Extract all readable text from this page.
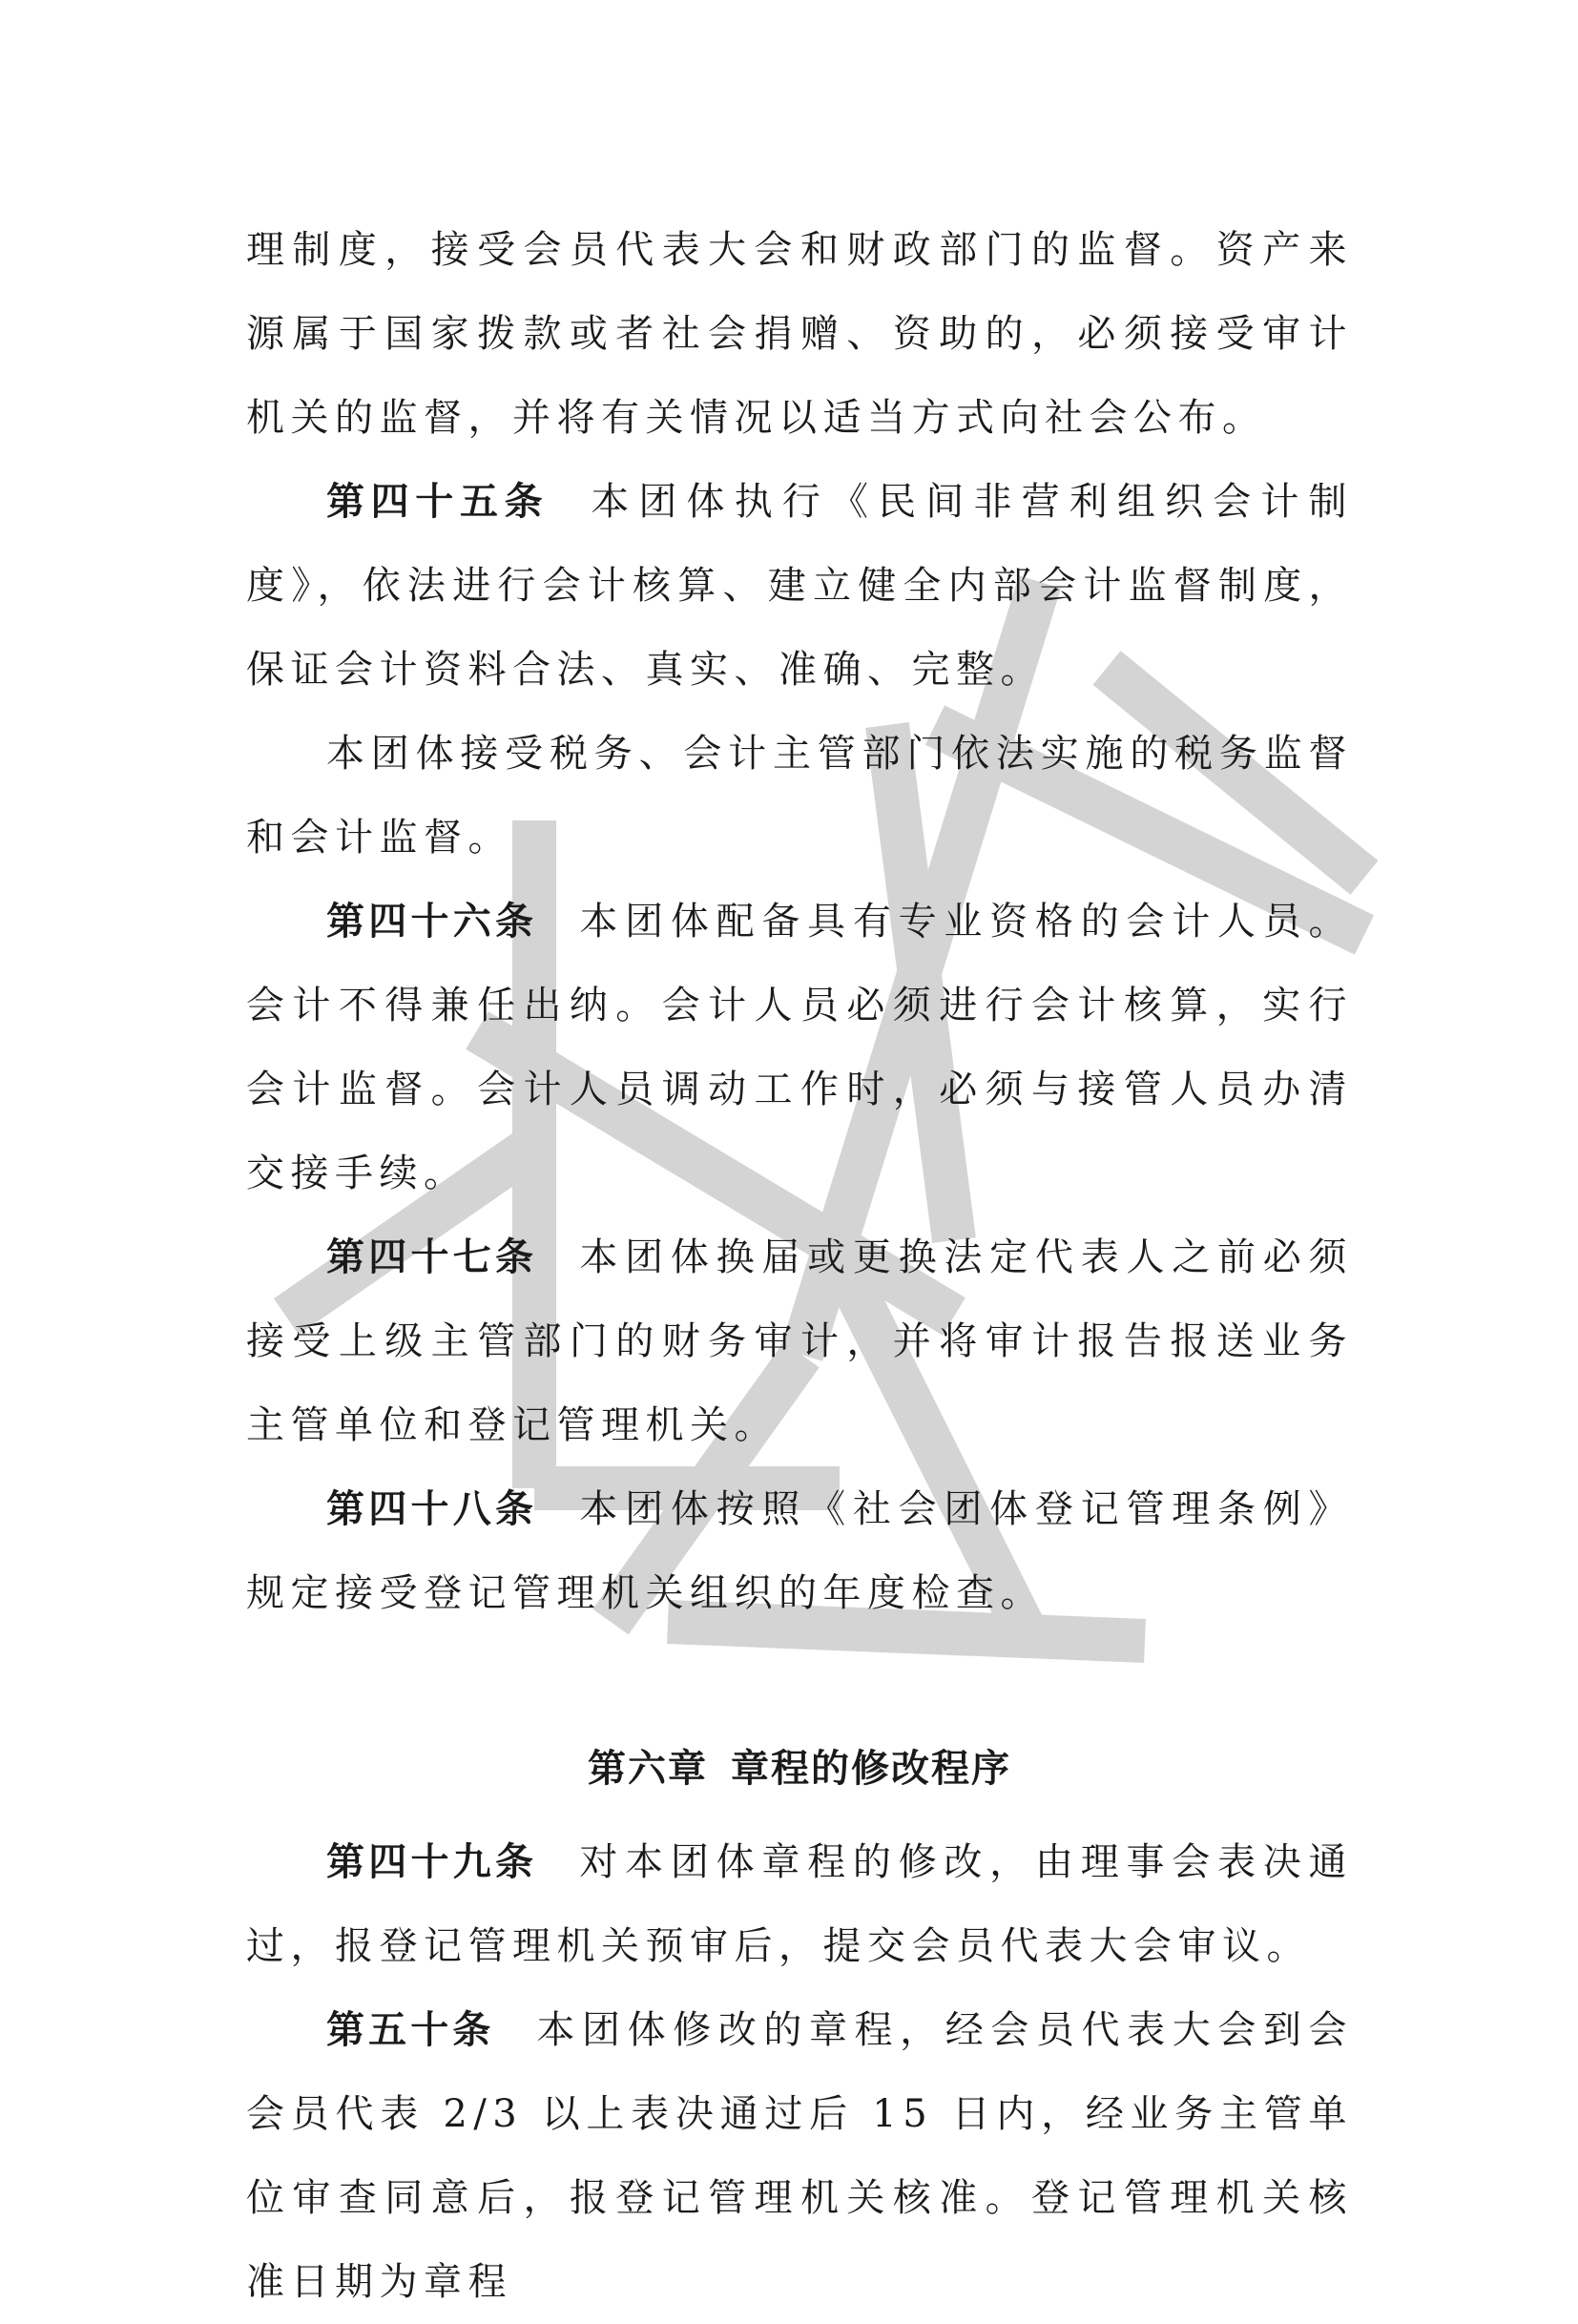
理制度，接受会员代表大会和财政部门的监督。资产来源属于国家拨款或者社会捐赠、资助的，必须接受审计机关的监督，并将有关情况以适当方式向社会公布。

第四十五条 本团体执行《民间非营利组织会计制度》，依法进行会计核算、建立健全内部会计监督制度，保证会计资料合法、真实、准确、完整。

本团体接受税务、会计主管部门依法实施的税务监督和会计监督。

第四十六条 本团体配备具有专业资格的会计人员。会计不得兼任出纳。会计人员必须进行会计核算，实行会计监督。会计人员调动工作时，必须与接管人员办清交接手续。

第四十七条 本团体换届或更换法定代表人之前必须接受上级主管部门的财务审计，并将审计报告报送业务主管单位和登记管理机关。

第四十八条 本团体按照《社会团体登记管理条例》规定接受登记管理机关组织的年度检查。

第六章 章程的修改程序

第四十九条 对本团体章程的修改，由理事会表决通过，报登记管理机关预审后，提交会员代表大会审议。

第五十条 本团体修改的章程，经会员代表大会到会会员代表 2/3 以上表决通过后 15 日内，经业务主管单位审查同意后，报登记管理机关核准。登记管理机关核准日期为章程
